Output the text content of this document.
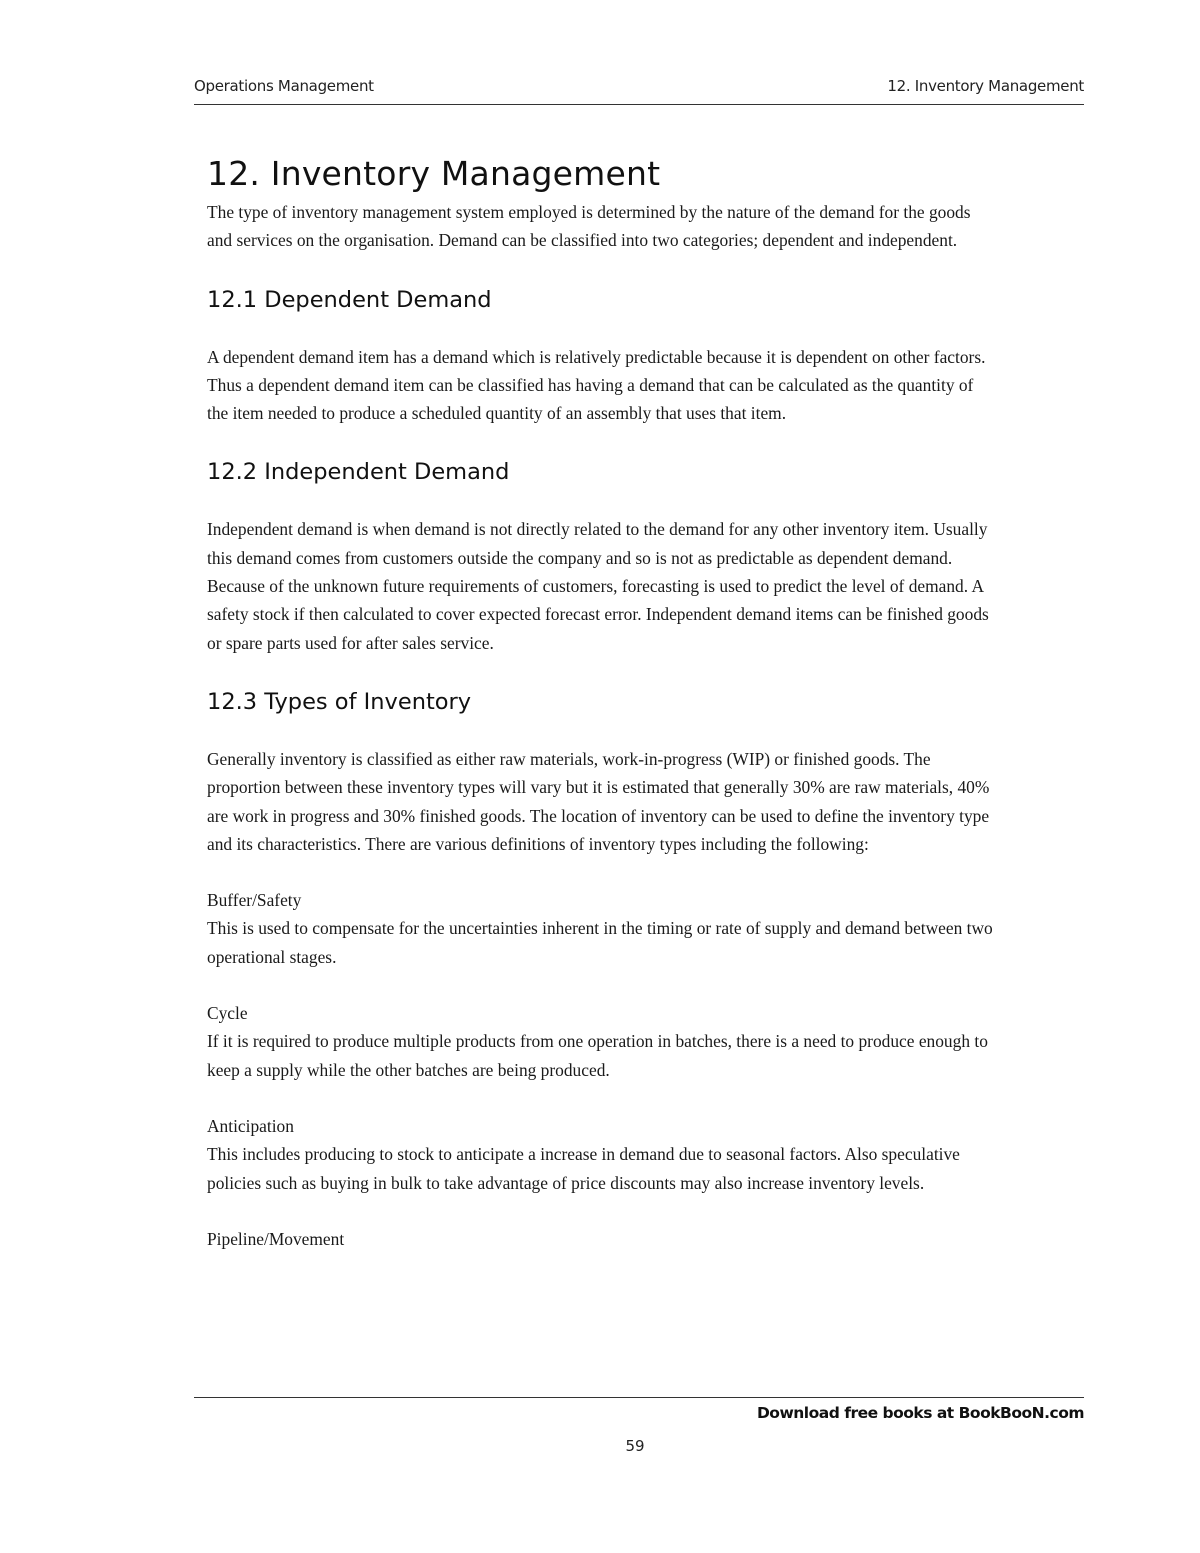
Operations Management	12. Inventory Management
12. Inventory Management

The type of inventory management system employed is determined by the nature of the demand for the goods and services on the organisation. Demand can be classified into two categories; dependent and independent.

12.1 Dependent Demand

A dependent demand item has a demand which is relatively predictable because it is dependent on other factors. Thus a dependent demand item can be classified has having a demand that can be calculated as the quantity of the item needed to produce a scheduled quantity of an assembly that uses that item.

12.2 Independent Demand

Independent demand is when demand is not directly related to the demand for any other inventory item. Usually this demand comes from customers outside the company and so is not as predictable as dependent demand. Because of the unknown future requirements of customers, forecasting is used to predict the level of demand. A safety stock if then calculated to cover expected forecast error. Independent demand items can be finished goods or spare parts used for after sales service.

12.3 Types of Inventory

Generally inventory is classified as either raw materials, work-in-progress (WIP) or finished goods. The proportion between these inventory types will vary but it is estimated that generally 30% are raw materials, 40% are work in progress and 30% finished goods. The location of inventory can be used to define the inventory type and its characteristics. There are various definitions of inventory types including the following:

Buffer/Safety

This is used to compensate for the uncertainties inherent in the timing or rate of supply and demand between two operational stages.

Cycle

If it is required to produce multiple products from one operation in batches, there is a need to produce enough to keep a supply while the other batches are being produced.

Anticipation

This includes producing to stock to anticipate a increase in demand due to seasonal factors. Also speculative policies such as buying in bulk to take advantage of price discounts may also increase inventory levels.

Pipeline/Movement

Download free books at BookBooN.com
59
